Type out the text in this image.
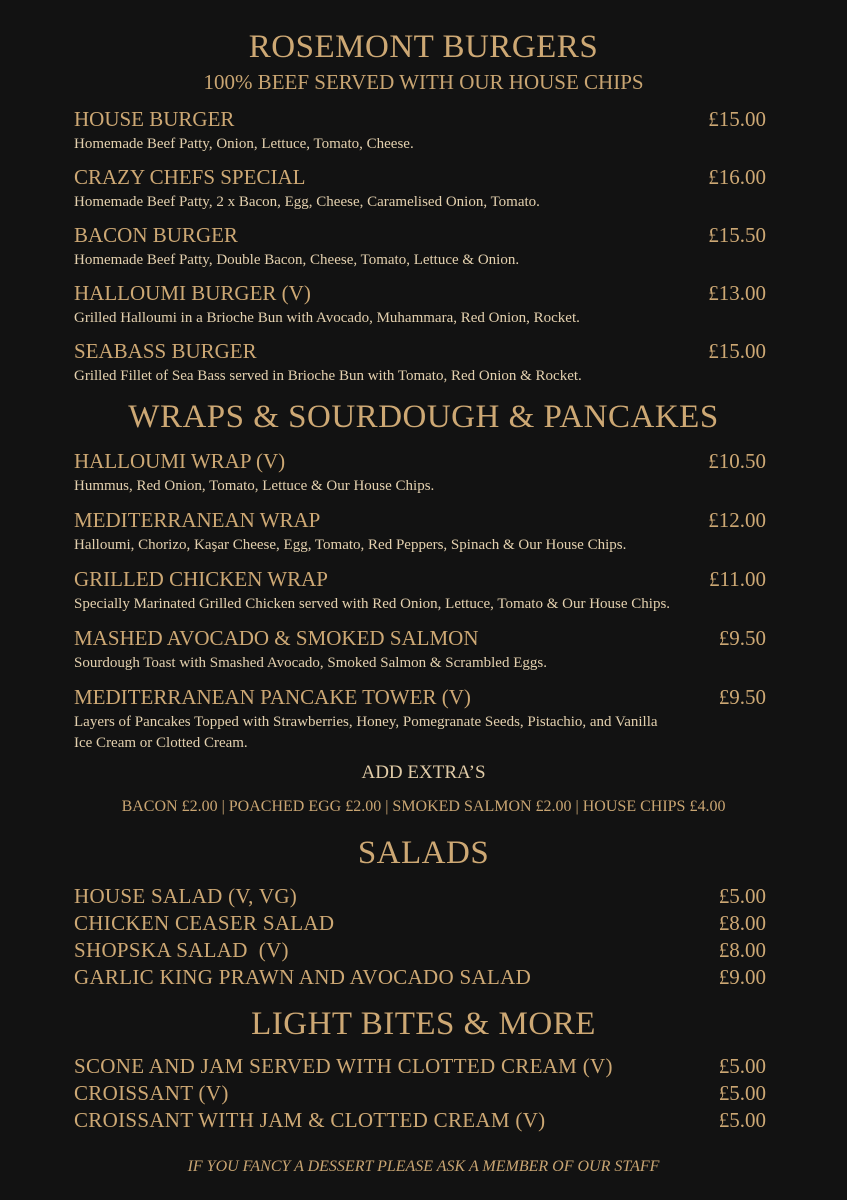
ROSEMONT BURGERS
100% BEEF SERVED WITH OUR HOUSE CHIPS
HOUSE BURGER	£15.00
Homemade Beef Patty, Onion, Lettuce, Tomato, Cheese.
CRAZY CHEFS SPECIAL	£16.00
Homemade Beef Patty, 2 x Bacon, Egg, Cheese, Caramelised Onion, Tomato.
BACON BURGER	£15.50
Homemade Beef Patty, Double Bacon, Cheese, Tomato, Lettuce & Onion.
HALLOUMI BURGER (V)	£13.00
Grilled Halloumi in a Brioche Bun with Avocado, Muhammara, Red Onion, Rocket.
SEABASS BURGER	£15.00
Grilled Fillet of Sea Bass served in Brioche Bun with Tomato, Red Onion & Rocket.
WRAPS & SOURDOUGH & PANCAKES
HALLOUMI WRAP (V)	£10.50
Hummus, Red Onion, Tomato, Lettuce & Our House Chips.
MEDITERRANEAN WRAP	£12.00
Halloumi, Chorizo, Kaşar Cheese, Egg, Tomato, Red Peppers, Spinach & Our House Chips.
GRILLED CHICKEN WRAP	£11.00
Specially Marinated Grilled Chicken served with Red Onion, Lettuce, Tomato & Our House Chips.
MASHED AVOCADO & SMOKED SALMON	£9.50
Sourdough Toast with Smashed Avocado, Smoked Salmon & Scrambled Eggs.
MEDITERRANEAN PANCAKE TOWER (V)	£9.50
Layers of Pancakes Topped with Strawberries, Honey, Pomegranate Seeds, Pistachio, and Vanilla Ice Cream or Clotted Cream.
ADD EXTRA’S
BACON £2.00 | POACHED EGG £2.00 | SMOKED SALMON £2.00 | HOUSE CHIPS £4.00
SALADS
HOUSE SALAD (V, VG)	£5.00
CHICKEN CEASER SALAD	£8.00
SHOPSKA SALAD  (V)	£8.00
GARLIC KING PRAWN AND AVOCADO SALAD	£9.00
LIGHT BITES & MORE
SCONE AND JAM SERVED WITH CLOTTED CREAM (V)	£5.00
CROISSANT (V)	£5.00
CROISSANT WITH JAM & CLOTTED CREAM (V)	£5.00
IF YOU FANCY A DESSERT PLEASE ASK A MEMBER OF OUR STAFF
